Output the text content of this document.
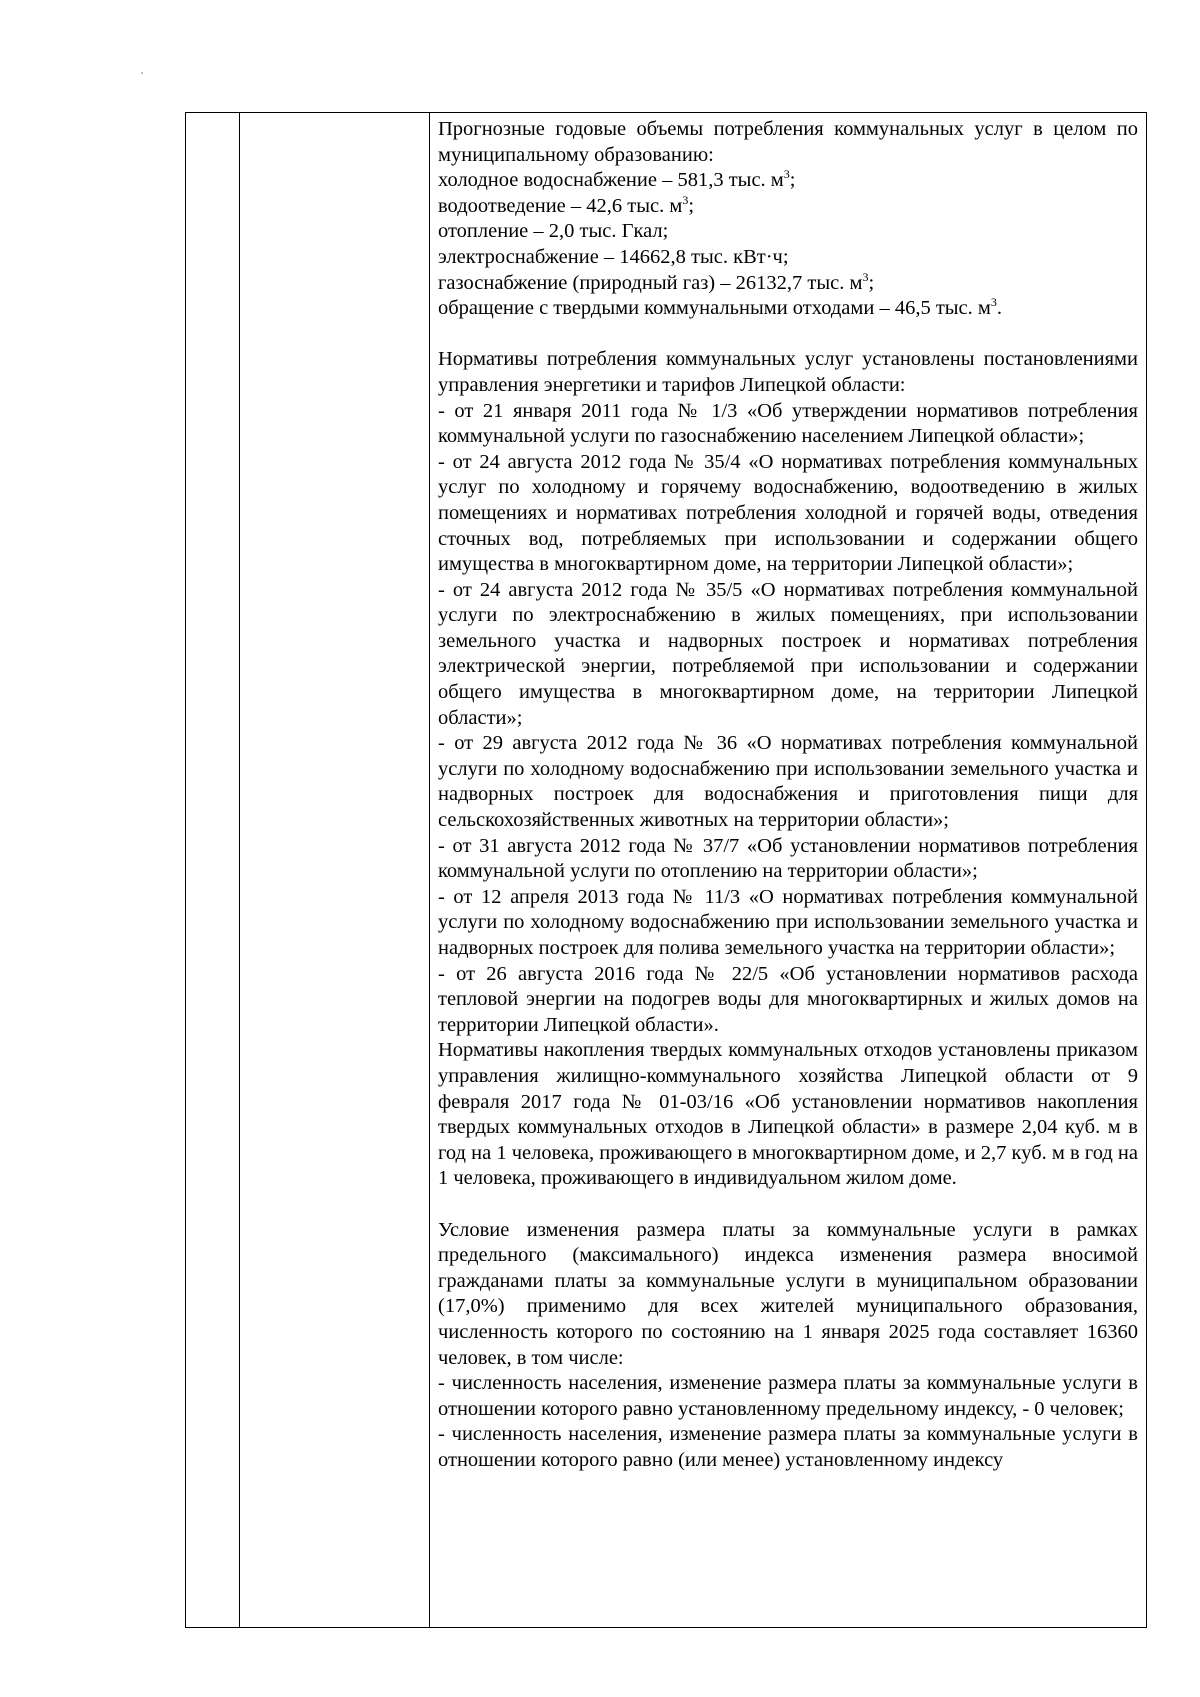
Прогнозные годовые объемы потребления коммунальных услуг в целом по муниципальному образованию:

холодное водоснабжение – 581,3 тыс. $м^3$;

водоотведение – 42,6 тыс. $м^3$;

отопление – 2,0 тыс. Гкал;

электроснабжение – 14662,8 тыс. кВт·ч;

газоснабжение (природный газ) – 26132,7 тыс. $м^3$;

обращение с твердыми коммунальными отходами – 46,5 тыс. $м^3$.

Нормативы потребления коммунальных услуг установлены постановлениями управления энергетики и тарифов Липецкой области:

- от 21 января 2011 года № 1/3 «Об утверждении нормативов потребления коммунальной услуги по газоснабжению населением Липецкой области»;

- от 24 августа 2012 года № 35/4 «О нормативах потребления коммунальных услуг по холодному и горячему водоснабжению, водоотведению в жилых помещениях и нормативах потребления холодной и горячей воды, отведения сточных вод, потребляемых при использовании и содержании общего имущества в многоквартирном доме, на территории Липецкой области»;

- от 24 августа 2012 года № 35/5 «О нормативах потребления коммунальной услуги по электроснабжению в жилых помещениях, при использовании земельного участка и надворных построек и нормативах потребления электрической энергии, потребляемой при использовании и содержании общего имущества в многоквартирном доме, на территории Липецкой области»;

- от 29 августа 2012 года № 36 «О нормативах потребления коммунальной услуги по холодному водоснабжению при использовании земельного участка и надворных построек для водоснабжения и приготовления пищи для сельскохозяйственных животных на территории области»;

- от 31 августа 2012 года № 37/7 «Об установлении нормативов потребления коммунальной услуги по отоплению на территории области»;

- от 12 апреля 2013 года № 11/3 «О нормативах потребления коммунальной услуги по холодному водоснабжению при использовании земельного участка и надворных построек для полива земельного участка на территории области»;

- от 26 августа 2016 года № 22/5 «Об установлении нормативов расхода тепловой энергии на подогрев воды для многоквартирных и жилых домов на территории Липецкой области».

Нормативы накопления твердых коммунальных отходов установлены приказом управления жилищно-коммунального хозяйства Липецкой области от 9 февраля 2017 года № 01-03/16 «Об установлении нормативов накопления твердых коммунальных отходов в Липецкой области» в размере 2,04 куб. м в год на 1 человека, проживающего в многоквартирном доме, и 2,7 куб. м в год на 1 человека, проживающего в индивидуальном жилом доме.

Условие изменения размера платы за коммунальные услуги в рамках предельного (максимального) индекса изменения размера вносимой гражданами платы за коммунальные услуги в муниципальном образовании (17,0%) применимо для всех жителей муниципального образования, численность которого по состоянию на 1 января 2025 года составляет 16360 человек, в том числе:

- численность населения, изменение размера платы за коммунальные услуги в отношении которого равно установленному предельному индексу, - 0 человек;

- численность населения, изменение размера платы за коммунальные услуги в отношении которого равно (или менее) установленному индексу
